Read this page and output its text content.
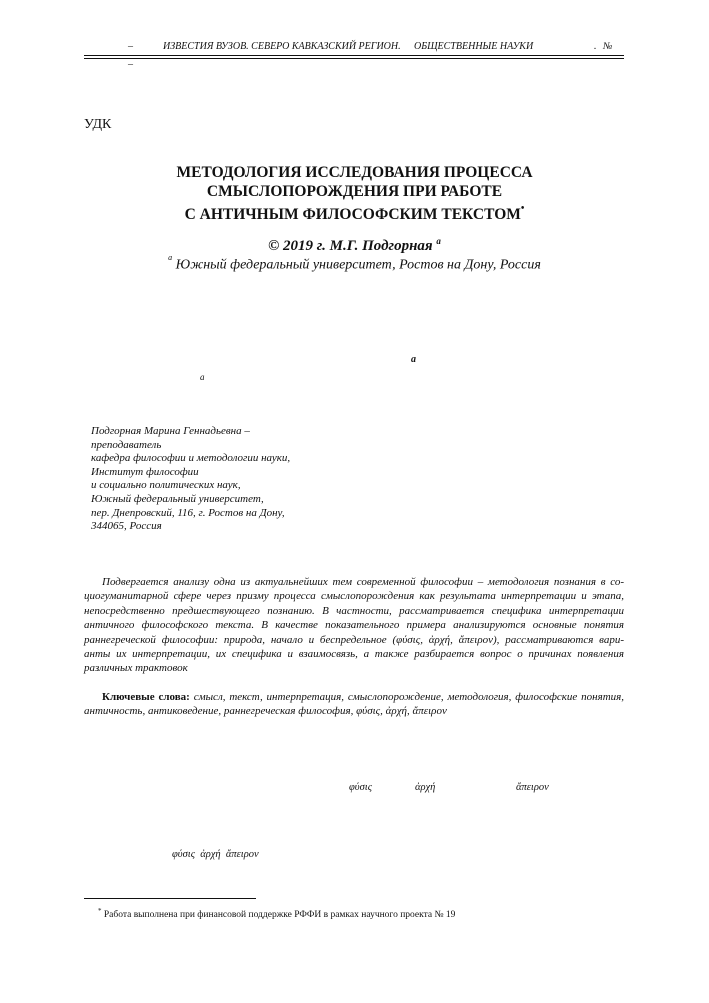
–	ИЗВЕСТИЯ ВУЗОВ. СЕВЕРО КАВКАЗСКИЙ РЕГИОН. ОБЩЕСТВЕННЫЕ НАУКИ	. №
–
УДК
МЕТОДОЛОГИЯ ИССЛЕДОВАНИЯ ПРОЦЕССА
СМЫСЛОПОРОЖДЕНИЯ ПРИ РАБОТЕ
С АНТИЧНЫМ ФИЛОСОФСКИМ ТЕКСТОМ•
© 2019 г. М.Г. Подгорная $^a$
$^a$ Южный федеральный университет, Ростов на Дону, Россия
a
a
Подгорная Марина Геннадьевна –
преподаватель
кафедра философии и методологии науки,
Институт философии
и социально политических наук,
Южный федеральный университет,
пер. Днепровский, 116, г. Ростов на Дону,
344065, Россия
Подвергается анализу одна из актуальнейших тем современной философии – методология познания в со-
циогуманитарной сфере через призму процесса смыслопорождения как результата интерпретации и этапа,
непосредственно предшествующего познанию. В частности, рассматривается специфика интерпретации
античного философского текста. В качестве показательного примера анализируются основные понятия
раннегреческой философии: природа, начало и беспредельное (φύσις, ἀρχή, ἄπειρον), рассматриваются вари-
анты их интерпретации, их специфика и взаимосвязь, а также разбирается вопрос о причинах появления
различных трактовок
Ключевые слова: смысл, текст, интерпретация, смыслопорождение, методология, философские понятия,
античность, антиковедение, раннегреческая философия, φύσις, ἀρχή, ἄπειρον
φύσις	ἀρχή	ἄπειρον
φύσις  ἀρχή  ἄπειρον
* Работа выполнена при финансовой поддержке РФФИ в рамках научного проекта № 19
